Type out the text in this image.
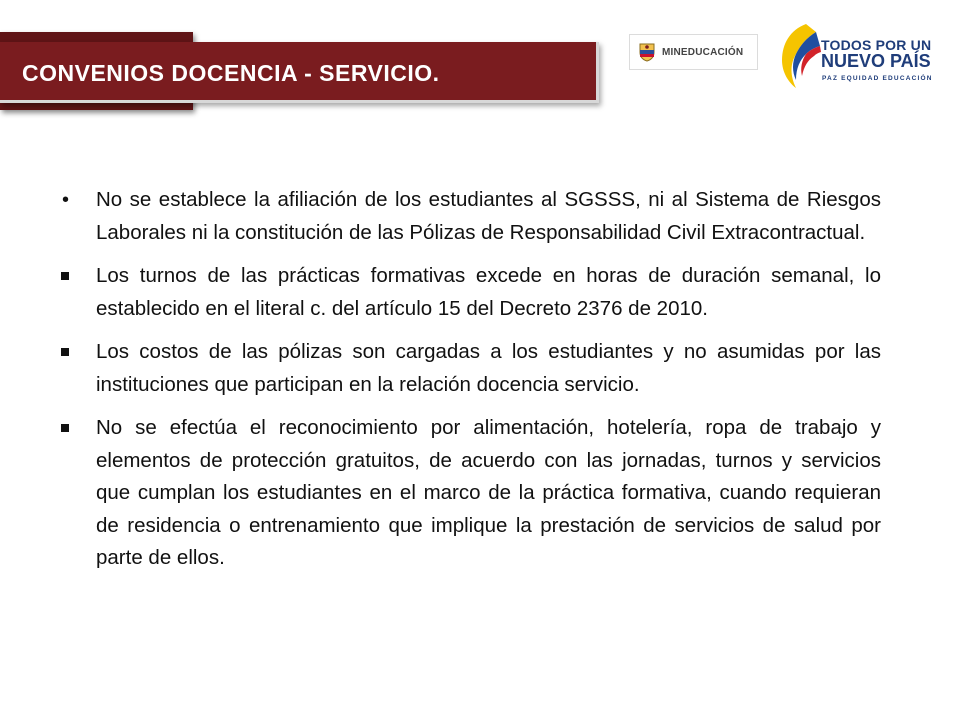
CONVENIOS DOCENCIA - SERVICIO.
MINEDUCACIÓN	TODOS POR UN
NUEVO PAÍS
PAZ EQUIDAD EDUCACIÓN
• No se establece la afiliación de los estudiantes al SGSSS, ni al Sistema de Riesgos Laborales ni la constitución de las Pólizas de Responsabilidad Civil Extracontractual.
Los turnos de las prácticas formativas excede en horas de duración semanal, lo establecido en el literal c. del artículo 15 del Decreto 2376 de 2010.
Los costos de las pólizas son cargadas a los estudiantes y no asumidas por las instituciones que participan en la relación docencia servicio.
No se efectúa el reconocimiento por alimentación, hotelería, ropa de trabajo y elementos de protección gratuitos, de acuerdo con las jornadas, turnos y servicios que cumplan los estudiantes en el marco de la práctica formativa, cuando requieran de residencia o entrenamiento que implique la prestación de servicios de salud por parte de ellos.
